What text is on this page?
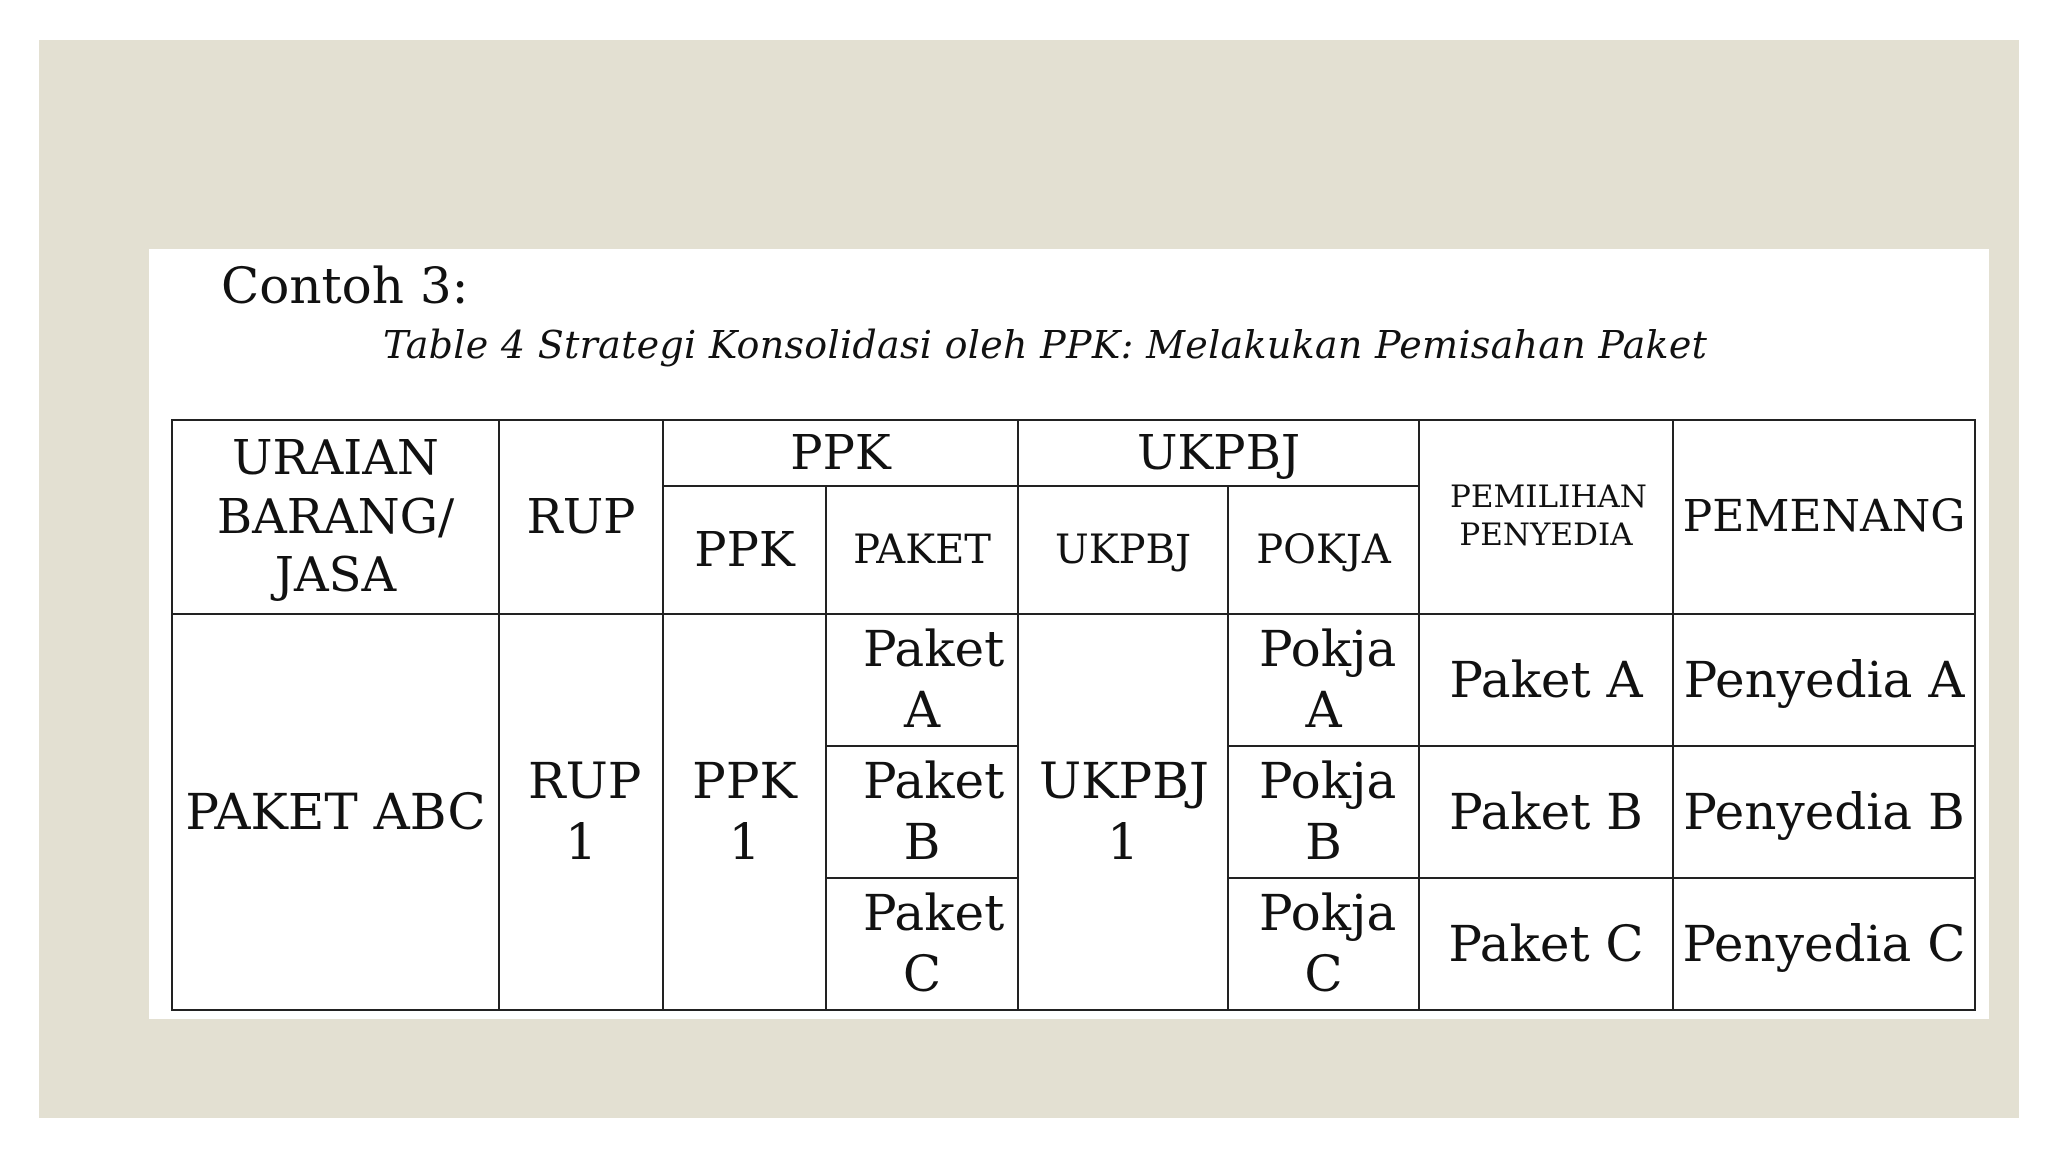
Contoh 3:
Table 4 Strategi Konsolidasi oleh PPK: Melakukan Pemisahan Paket
URAIAN BARANG/ JASA	RUP	PPK		UKPBJ		PEMILIHAN PENYEDIA	PEMENANG
		PPK	PAKET	UKPBJ	POKJA		
PAKET ABC	RUP 1	PPK 1	Paket A	UKPBJ 1	Pokja A	Paket A	Penyedia A
			Paket B		Pokja B	Paket B	Penyedia B
			Paket C		Pokja C	Paket C	Penyedia C
